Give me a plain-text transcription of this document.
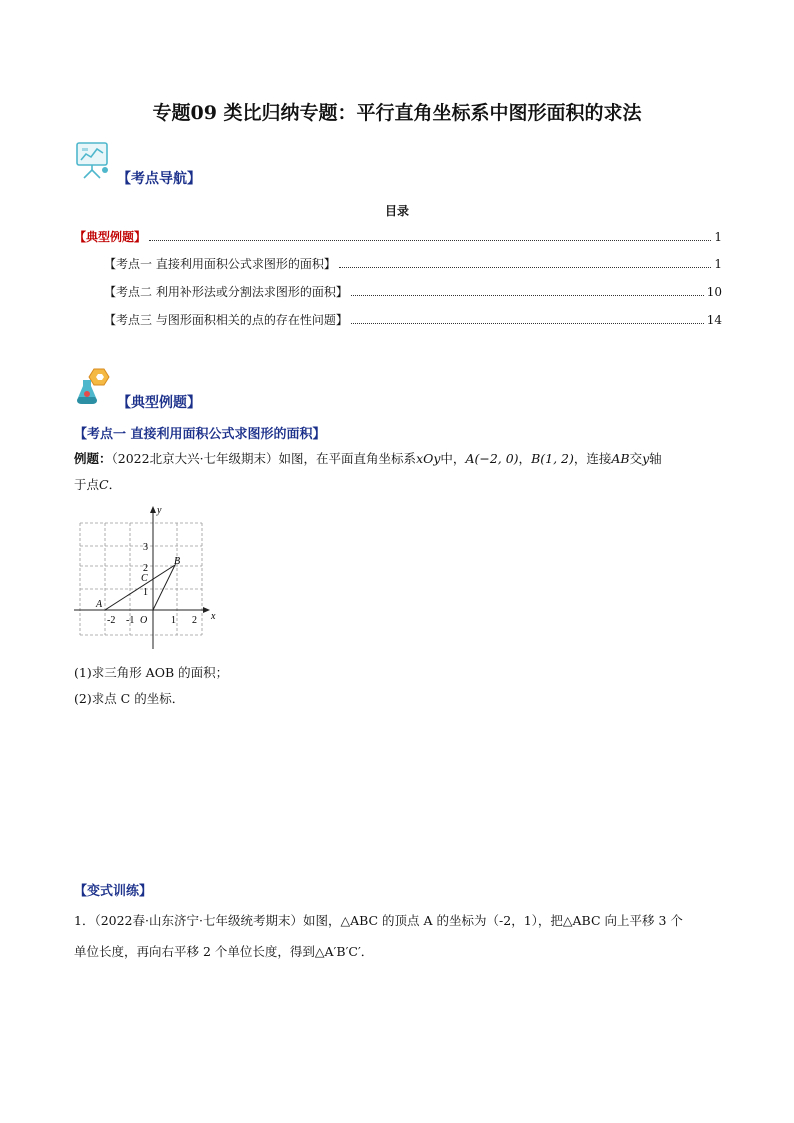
专题09 类比归纳专题：平行直角坐标系中图形面积的求法
【考点导航】
目录
【典型例题】	1
【考点一 直接利用面积公式求图形的面积】	1
【考点二 利用补形法或分割法求图形的面积】	10
【考点三 与图形面积相关的点的存在性问题】	14
【典型例题】
【考点一 直接利用面积公式求图形的面积】
例题：（2022北京大兴·七年级期末）如图，在平面直角坐标系xOy中，A(−2, 0)，B(1, 2)，连接AB交y轴
于点C．
x
y
-2 -1	1 2
1
2
3
O
A
B
C
(1)求三角形 AOB 的面积；
(2)求点 C 的坐标．
【变式训练】
1．（2022春·山东济宁·七年级统考期末）如图，△ABC 的顶点 A 的坐标为（-2，1），把△ABC 向上平移 3 个
单位长度，再向右平移 2 个单位长度，得到△A′B′C′．
